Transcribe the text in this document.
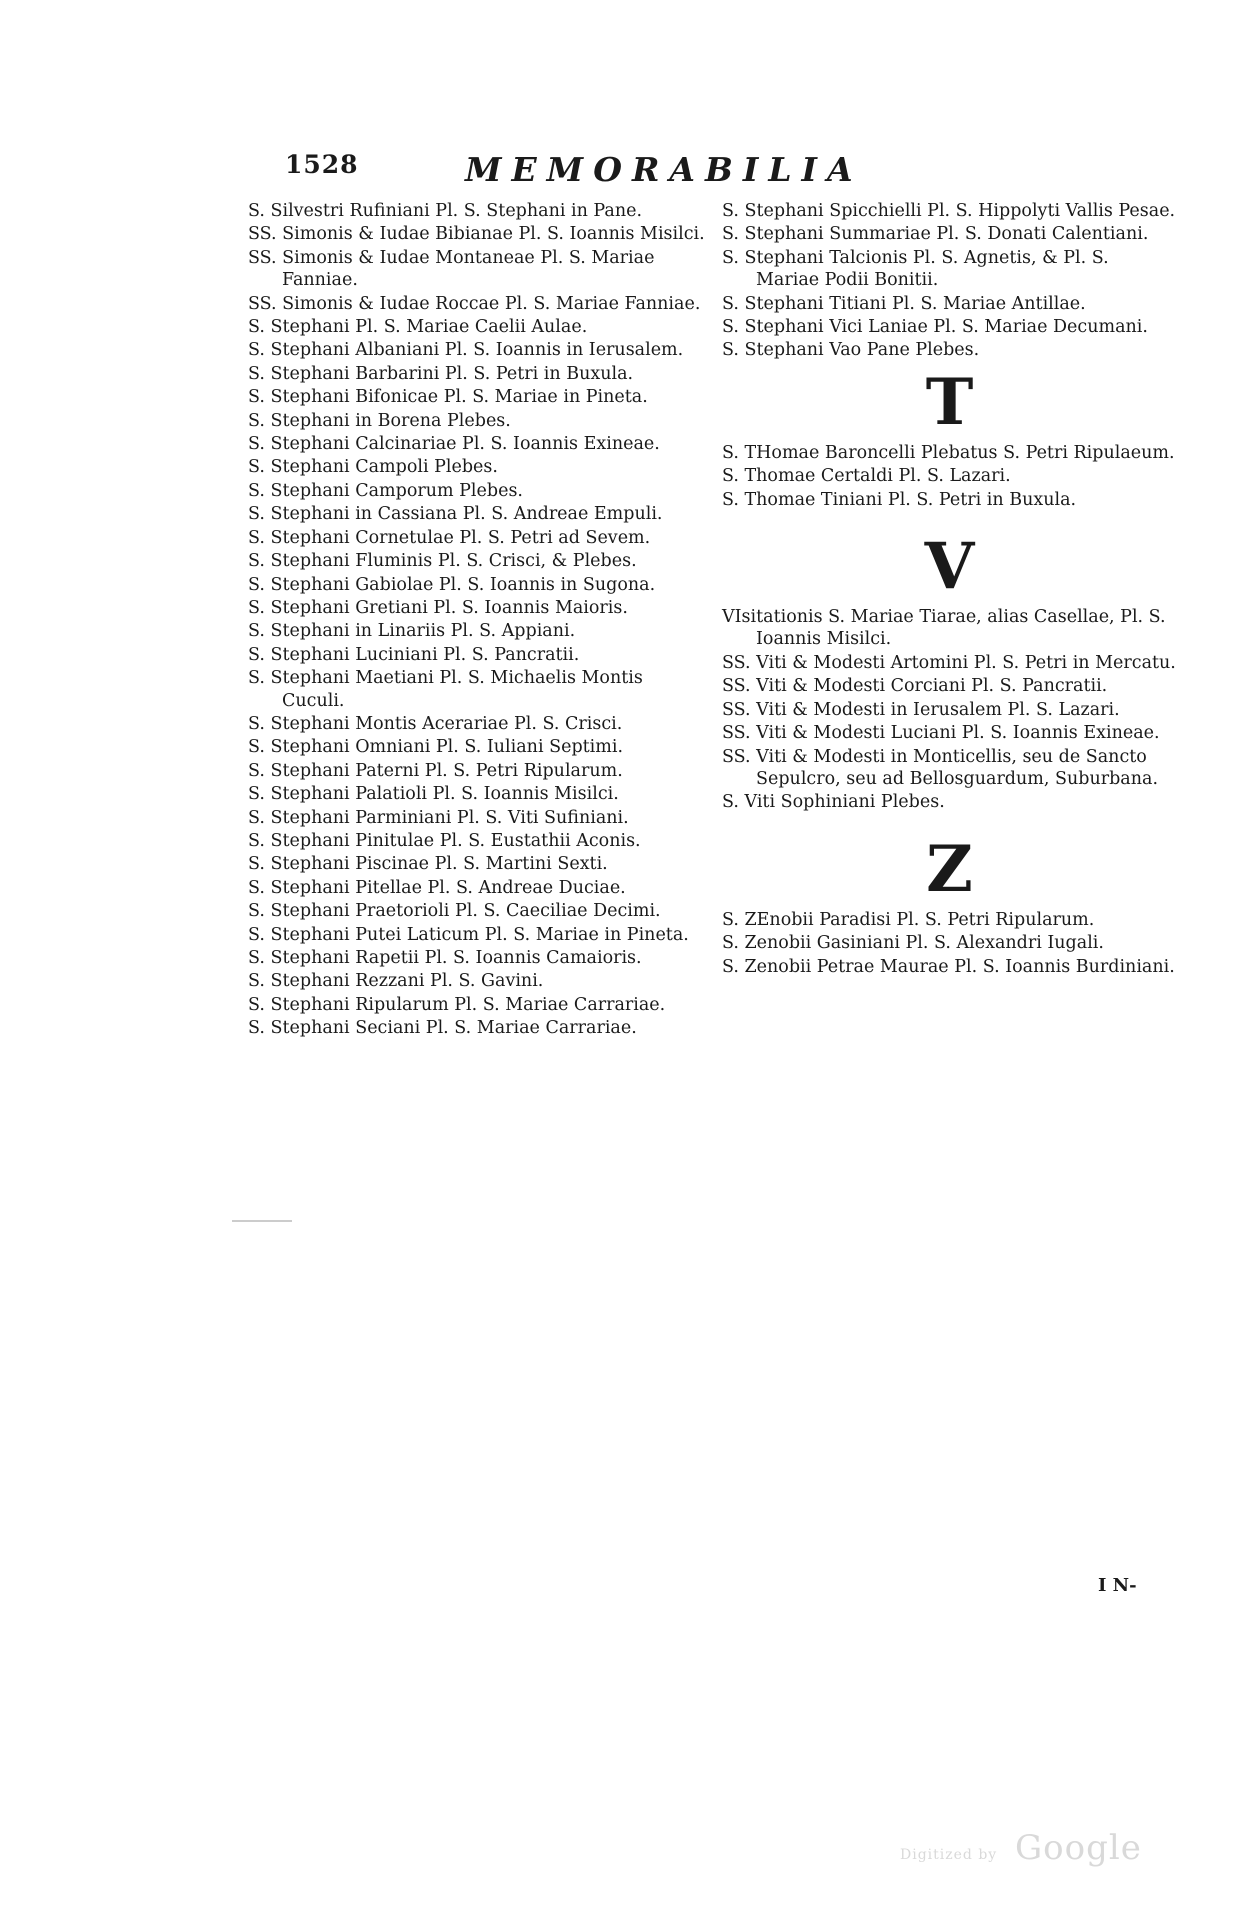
1528	MEMORABILIA
S. Silvestri Rufiniani Pl. S. Stephani in Pane.
SS. Simonis & Iudae Bibianae Pl. S. Ioannis Misilci.
SS. Simonis & Iudae Montaneae Pl. S. Mariae Fanniae.
SS. Simonis & Iudae Roccae Pl. S. Mariae Fanniae.
S. Stephani Pl. S. Mariae Caelii Aulae.
S. Stephani Albaniani Pl. S. Ioannis in Ierusalem.
S. Stephani Barbarini Pl. S. Petri in Buxula.
S. Stephani Bifonicae Pl. S. Mariae in Pineta.
S. Stephani in Borena Plebes.
S. Stephani Calcinariae Pl. S. Ioannis Exineae.
S. Stephani Campoli Plebes.
S. Stephani Camporum Plebes.
S. Stephani in Cassiana Pl. S. Andreae Empuli.
S. Stephani Cornetulae Pl. S. Petri ad Sevem.
S. Stephani Fluminis Pl. S. Crisci, & Plebes.
S. Stephani Gabiolae Pl. S. Ioannis in Sugona.
S. Stephani Gretiani Pl. S. Ioannis Maioris.
S. Stephani in Linariis Pl. S. Appiani.
S. Stephani Luciniani Pl. S. Pancratii.
S. Stephani Maetiani Pl. S. Michaelis Montis Cuculi.
S. Stephani Montis Acerariae Pl. S. Crisci.
S. Stephani Omniani Pl. S. Iuliani Septimi.
S. Stephani Paterni Pl. S. Petri Ripularum.
S. Stephani Palatioli Pl. S. Ioannis Misilci.
S. Stephani Parminiani Pl. S. Viti Sufiniani.
S. Stephani Pinitulae Pl. S. Eustathii Aconis.
S. Stephani Piscinae Pl. S. Martini Sexti.
S. Stephani Pitellae Pl. S. Andreae Duciae.
S. Stephani Praetorioli Pl. S. Caeciliae Decimi.
S. Stephani Putei Laticum Pl. S. Mariae in Pineta.
S. Stephani Rapetii Pl. S. Ioannis Camaioris.
S. Stephani Rezzani Pl. S. Gavini.
S. Stephani Ripularum Pl. S. Mariae Carrariae.
S. Stephani Seciani Pl. S. Mariae Carrariae.
S. Stephani Spicchielli Pl. S. Hippolyti Vallis Pesae.
S. Stephani Summariae Pl. S. Donati Calentiani.
S. Stephani Talcionis Pl. S. Agnetis, & Pl. S. Mariae Podii Bonitii.
S. Stephani Titiani Pl. S. Mariae Antillae.
S. Stephani Vici Laniae Pl. S. Mariae Decumani.
S. Stephani Vao Pane Plebes.
T
S. THomae Baroncelli Plebatus S. Petri Ripulaeum.
S. Thomae Certaldi Pl. S. Lazari.
S. Thomae Tiniani Pl. S. Petri in Buxula.
V
VIsitationis S. Mariae Tiarae, alias Casellae, Pl. S. Ioannis Misilci.
SS. Viti & Modesti Artomini Pl. S. Petri in Mercatu.
SS. Viti & Modesti Corciani Pl. S. Pancratii.
SS. Viti & Modesti in Ierusalem Pl. S. Lazari.
SS. Viti & Modesti Luciani Pl. S. Ioannis Exineae.
SS. Viti & Modesti in Monticellis, seu de Sancto Sepulcro, seu ad Bellosguardum, Suburbana.
S. Viti Sophiniani Plebes.
Z
S. ZEnobii Paradisi Pl. S. Petri Ripularum.
S. Zenobii Gasiniani Pl. S. Alexandri Iugali.
S. Zenobii Petrae Maurae Pl. S. Ioannis Burdiniani.
I N-
Digitized by Google
